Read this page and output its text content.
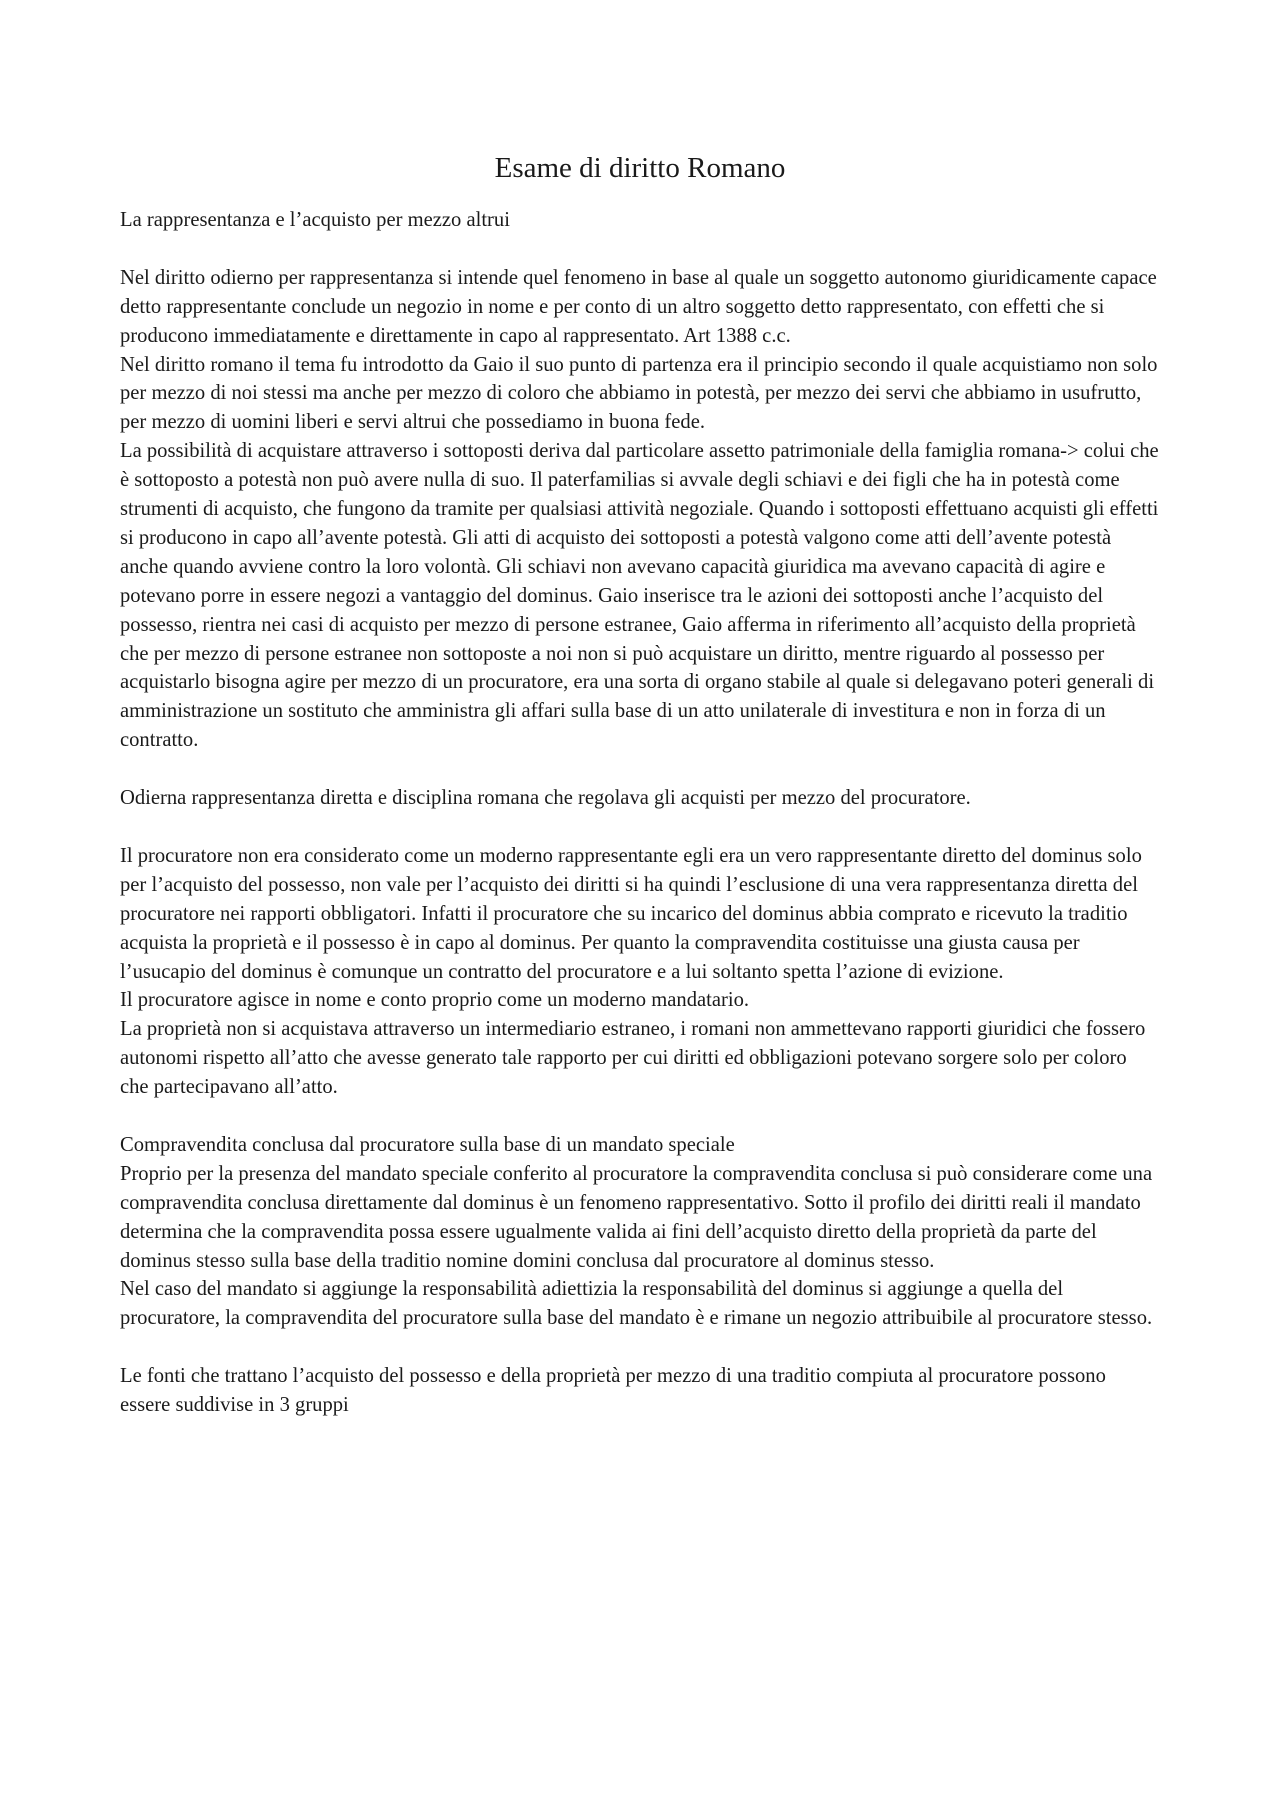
Esame di diritto Romano

La rappresentanza e l’acquisto per mezzo altrui

Nel diritto odierno per rappresentanza si intende quel fenomeno in base al quale un soggetto autonomo giuridicamente capace detto rappresentante conclude un negozio in nome e per conto di un altro soggetto detto rappresentato, con effetti che si producono immediatamente e direttamente in capo al rappresentato. Art 1388 c.c.

Nel diritto romano il tema fu introdotto da Gaio il suo punto di partenza era il principio secondo il quale acquistiamo non solo per mezzo di noi stessi ma anche per mezzo di coloro che abbiamo in potestà, per mezzo dei servi che abbiamo in usufrutto, per mezzo di uomini liberi e servi altrui che possediamo in buona fede.

La possibilità di acquistare attraverso i sottoposti deriva dal particolare assetto patrimoniale della famiglia romana-> colui che è sottoposto a potestà non può avere nulla di suo. Il paterfamilias si avvale degli schiavi e dei figli che ha in potestà come strumenti di acquisto, che fungono da tramite per qualsiasi attività negoziale. Quando i sottoposti effettuano acquisti gli effetti si producono in capo all’avente potestà. Gli atti di acquisto dei sottoposti a potestà valgono come atti dell’avente potestà anche quando avviene contro la loro volontà. Gli schiavi non avevano capacità giuridica ma avevano capacità di agire e potevano porre in essere negozi a vantaggio del dominus. Gaio inserisce tra le azioni dei sottoposti anche l’acquisto del possesso, rientra nei casi di acquisto per mezzo di persone estranee, Gaio afferma in riferimento all’acquisto della proprietà che per mezzo di persone estranee non sottoposte a noi non si può acquistare un diritto, mentre riguardo al possesso per acquistarlo bisogna agire per mezzo di un procuratore, era una sorta di organo stabile al quale si delegavano poteri generali di amministrazione un sostituto che amministra gli affari sulla base di un atto unilaterale di investitura e non in forza di un contratto.

Odierna rappresentanza diretta e disciplina romana che regolava gli acquisti per mezzo del procuratore.

Il procuratore non era considerato come un moderno rappresentante egli era un vero rappresentante diretto del dominus solo per l’acquisto del possesso, non vale per l’acquisto dei diritti si ha quindi l’esclusione di una vera rappresentanza diretta del procuratore nei rapporti obbligatori. Infatti il procuratore che su incarico del dominus abbia comprato e ricevuto la traditio acquista la proprietà e il possesso è in capo al dominus. Per quanto la compravendita costituisse una giusta causa per l’usucapio del dominus è comunque un contratto del procuratore e a lui soltanto spetta l’azione di evizione.

Il procuratore agisce in nome e conto proprio come un moderno mandatario.

La proprietà non si acquistava attraverso un intermediario estraneo, i romani non ammettevano rapporti giuridici che fossero autonomi rispetto all’atto che avesse generato tale rapporto per cui diritti ed obbligazioni potevano sorgere solo per coloro che partecipavano all’atto.

Compravendita conclusa dal procuratore sulla base di un mandato speciale

Proprio per la presenza del mandato speciale conferito al procuratore la compravendita conclusa si può considerare come una compravendita conclusa direttamente dal dominus è un fenomeno rappresentativo. Sotto il profilo dei diritti reali il mandato determina che la compravendita possa essere ugualmente valida ai fini dell’acquisto diretto della proprietà da parte del dominus stesso sulla base della traditio nomine domini conclusa dal procuratore al dominus stesso.

Nel caso del mandato si aggiunge la responsabilità adiettizia la responsabilità del dominus si aggiunge a quella del procuratore, la compravendita del procuratore sulla base del mandato è e rimane un negozio attribuibile al procuratore stesso.

Le fonti che trattano l’acquisto del possesso e della proprietà per mezzo di una traditio compiuta al procuratore possono essere suddivise in 3 gruppi
